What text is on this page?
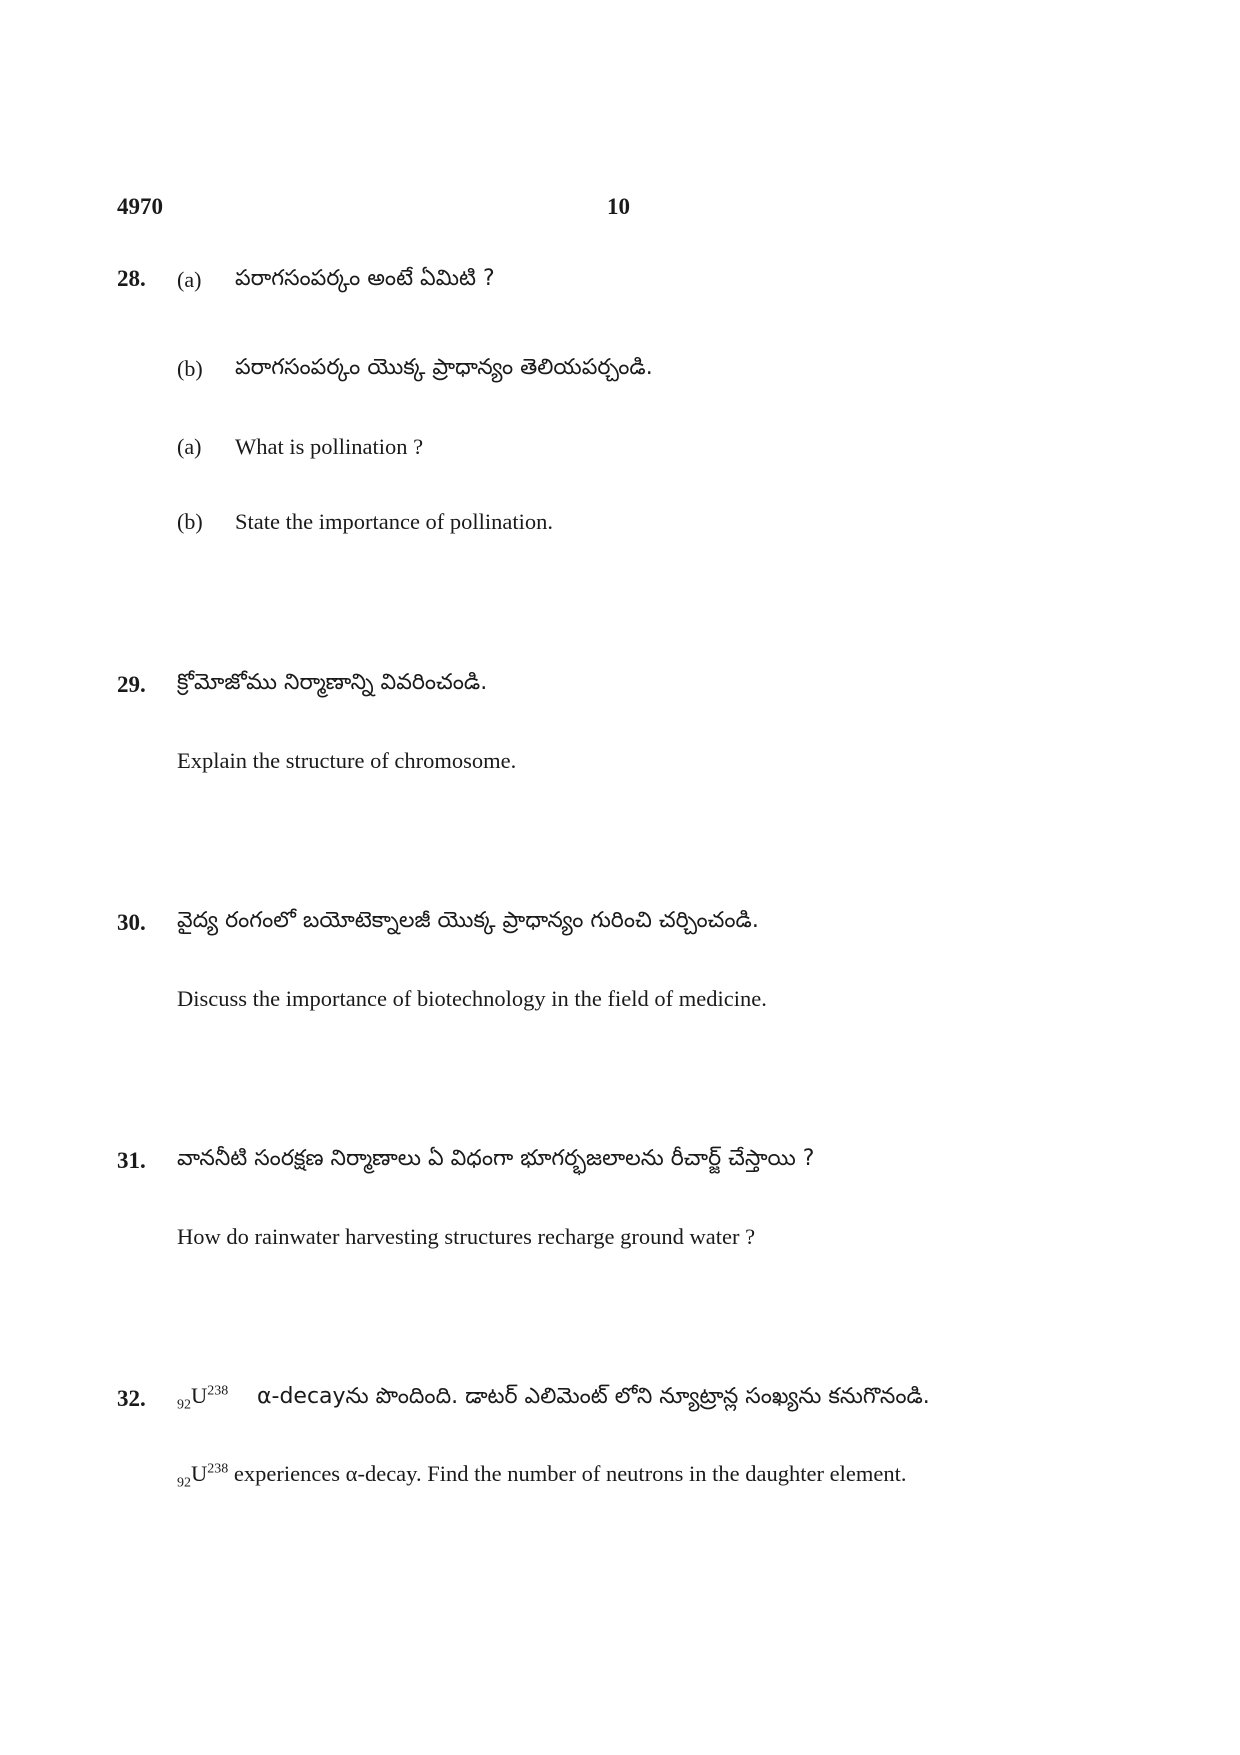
4970	10
28. (a) పరాగసంపర్కం అంటే ఏమిటి ?
(b) పరాగసంపర్కం యొక్క ప్రాధాన్యం తెలియపర్చండి.
(a) What is pollination ?
(b) State the importance of pollination.
29. క్రోమోజోము నిర్మాణాన్ని వివరించండి.
Explain the structure of chromosome.
30. వైద్య రంగంలో బయోటెక్నాలజీ యొక్క ప్రాధాన్యం గురించి చర్చించండి.
Discuss the importance of biotechnology in the field of medicine.
31. వాననీటి సంరక్షణ నిర్మాణాలు ఏ విధంగా భూగర్భజలాలను రీచార్జ్ చేస్తాయి ?
How do rainwater harvesting structures recharge ground water ?
32. $_{92}U^{238}$ α-decayను పొందింది. డాటర్ ఎలిమెంట్ లోని న్యూట్రాన్ల సంఖ్యను కనుగొనండి.
$_{92}U^{238}$ experiences α-decay. Find the number of neutrons in the daughter element.
